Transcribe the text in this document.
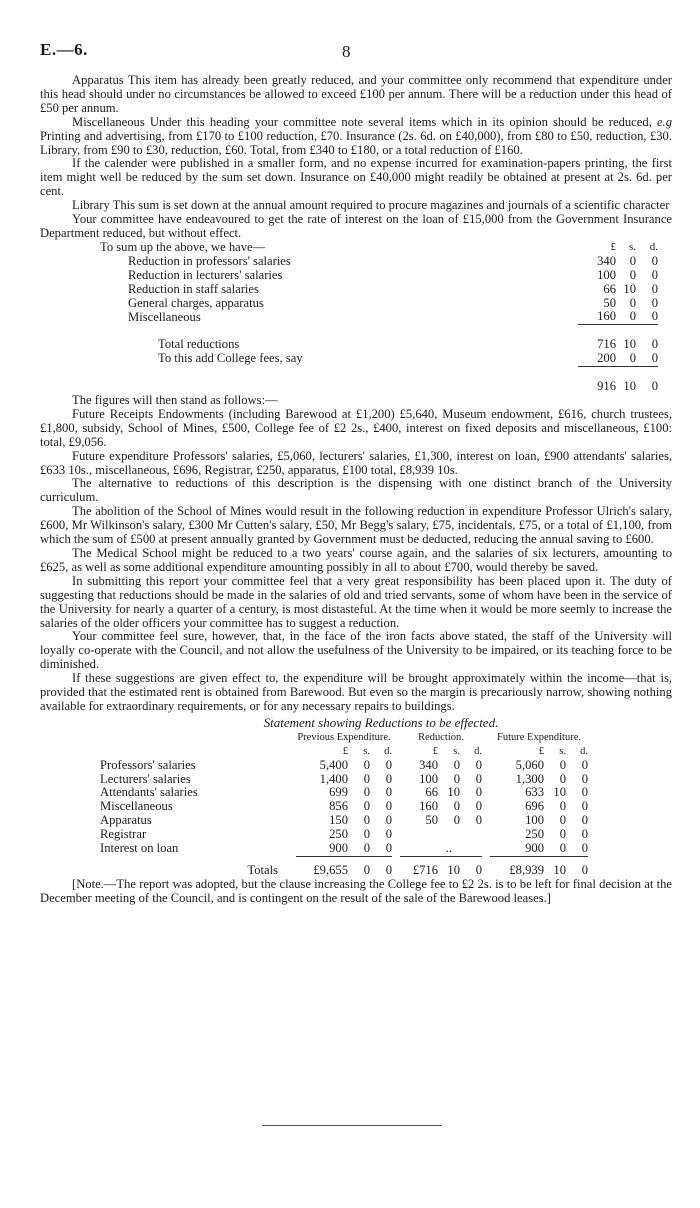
E.—6.	8

Apparatus This item has already been greatly reduced, and your committee only recommend that expenditure under this head should under no circumstances be allowed to exceed £100 per annum. There will be a reduction under this head of £50 per annum.

Miscellaneous Under this heading your committee note several items which in its opinion should be reduced, e.g Printing and advertising, from £170 to £100 reduction, £70. Insurance (2s. 6d. on £40,000), from £80 to £50, reduction, £30. Library, from £90 to £30, reduction, £60. Total, from £340 to £180, or a total reduction of £160.

If the calender were published in a smaller form, and no expense incurred for examination-papers printing, the first item might well be reduced by the sum set down. Insurance on £40,000 might readily be obtained at present at 2s. 6d. per cent.

Library This sum is set down at the annual amount required to procure magazines and journals of a scientific character

Your committee have endeavoured to get the rate of interest on the loan of £15,000 from the Government Insurance Department reduced, but without effect.

To sum up the above, we have—	£	s.	d.
Reduction in professors' salaries	340	0	0
Reduction in lecturers' salaries	100	0	0
Reduction in staff salaries	66	10	0
General charges, apparatus	50	0	0
Miscellaneous	160	0	0

Total reductions	716	10	0
To this add College fees, say	200	0	0

	916	10	0

The figures will then stand as follows:—

Future Receipts Endowments (including Barewood at £1,200) £5,640, Museum endowment, £616, church trustees, £1,800, subsidy, School of Mines, £500, College fee of £2 2s., £400, interest on fixed deposits and miscellaneous, £100: total, £9,056.

Future expenditure Professors' salaries, £5,060, lecturers' salaries, £1,300, interest on loan, £900 attendants' salaries, £633 10s., miscellaneous, £696, Registrar, £250, apparatus, £100 total, £8,939 10s.

The alternative to reductions of this description is the dispensing with one distinct branch of the University curriculum.

The abolition of the School of Mines would result in the following reduction in expenditure Professor Ulrich's salary, £600, Mr Wilkinson's salary, £300 Mr Cutten's salary, £50, Mr Begg's salary, £75, incidentals, £75, or a total of £1,100, from which the sum of £500 at present annually granted by Government must be deducted, reducing the annual saving to £600.

The Medical School might be reduced to a two years' course again, and the salaries of six lecturers, amounting to £625, as well as some additional expenditure amounting possibly in all to about £700, would thereby be saved.

In submitting this report your committee feel that a very great responsibility has been placed upon it. The duty of suggesting that reductions should be made in the salaries of old and tried servants, some of whom have been in the service of the University for nearly a quarter of a century, is most distasteful. At the time when it would be more seemly to increase the salaries of the older officers your committee has to suggest a reduction.

Your committee feel sure, however, that, in the face of the iron facts above stated, the staff of the University will loyally co-operate with the Council, and not allow the usefulness of the University to be impaired, or its teaching force to be diminished.

If these suggestions are given effect to, the expenditure will be brought approximately within the income—that is, provided that the estimated rent is obtained from Barewood. But even so the margin is precariously narrow, showing nothing available for extraordinary requirements, or for any necessary repairs to buildings.

Statement showing Reductions to be effected.
	Previous Expenditure.				Reduction.				Future Expenditure.		
	£	s.	d.		£	s.	d.		£	s.	d.
Professors' salaries	5,400	0	0		340	0	0		5,060	0	0
Lecturers' salaries	1,400	0	0		100	0	0		1,300	0	0
Attendants' salaries	699	0	0		66	10	0		633	10	0
Miscellaneous	856	0	0		160	0	0		696	0	0
Apparatus	150	0	0		50	0	0		100	0	0
Registrar	250	0	0						250	0	0
Interest on loan	900	0	0			..			900	0	0

Totals	£9,655	0	0		£716	10	0		£8,939	10	0

[Note.—The report was adopted, but the clause increasing the College fee to £2 2s. is to be left for final decision at the December meeting of the Council, and is contingent on the result of the sale of the Barewood leases.]
